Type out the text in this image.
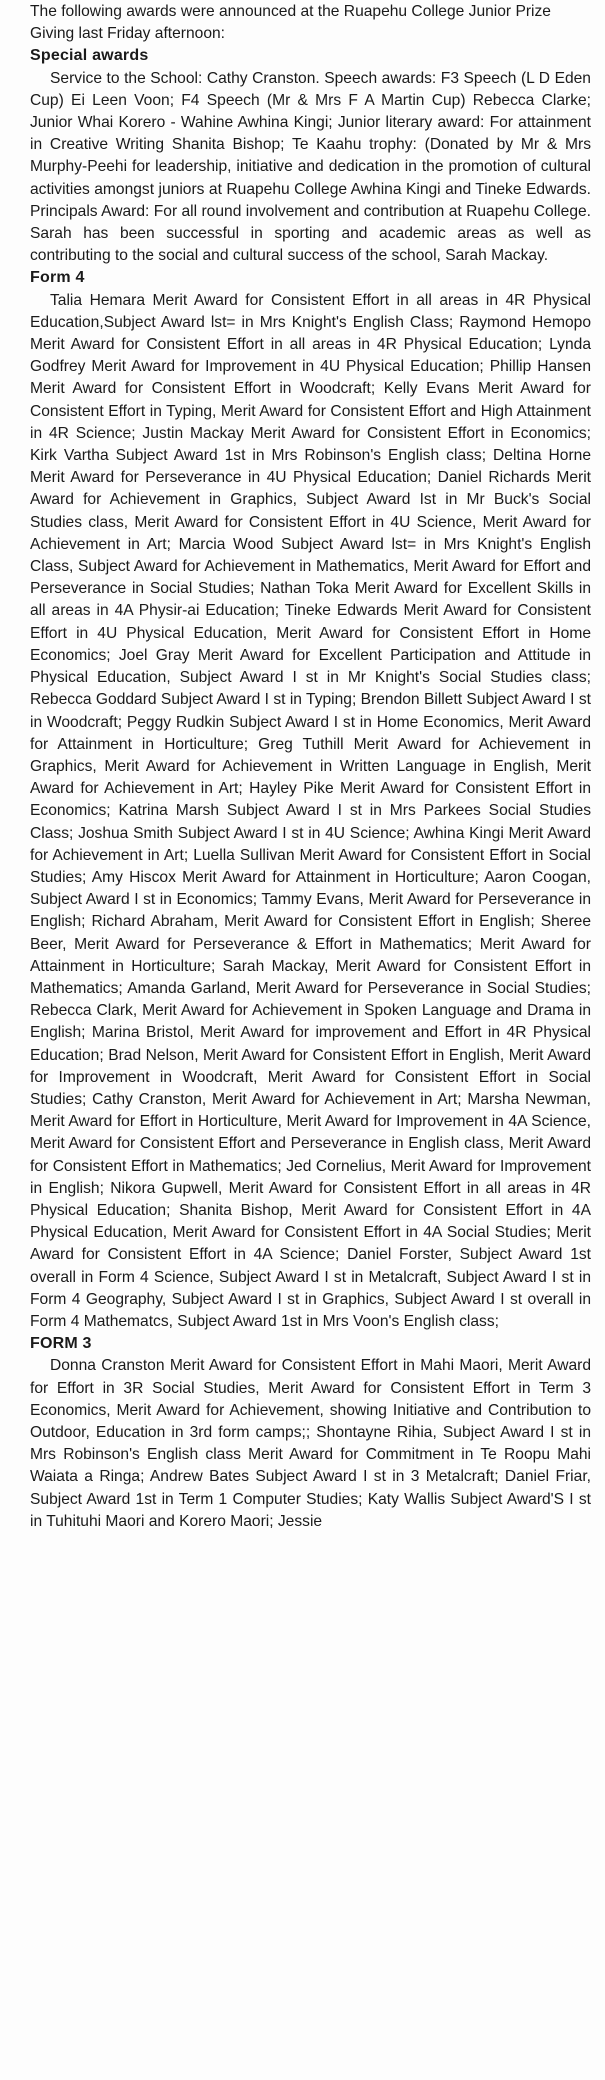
The following awards were announced at the Ruapehu College Junior Prize Giving last Friday afternoon:

Special awards

Service to the School: Cathy Cranston. Speech awards: F3 Speech (L D Eden Cup) Ei Leen Voon; F4 Speech (Mr & Mrs F A Martin Cup) Rebecca Clarke; Junior Whai Korero - Wahine Awhina Kingi; Junior literary award: For attainment in Creative Writing Shanita Bishop; Te Kaahu trophy: (Donated by Mr & Mrs Murphy-Peehi for leadership, initiative and dedication in the promotion of cultural activities amongst juniors at Ruapehu College Awhina Kingi and Tineke Edwards. Principals Award: For all round involvement and contribution at Ruapehu College. Sarah has been successful in sporting and academic areas as well as contributing to the social and cultural success of the school, Sarah Mackay.

Form 4

Talia Hemara Merit Award for Consistent Effort in all areas in 4R Physical Education,Subject Award lst= in Mrs Knight's English Class; Raymond Hemopo Merit Award for Consistent Effort in all areas in 4R Physical Education; Lynda Godfrey Merit Award for Improvement in 4U Physical Education; Phillip Hansen Merit Award for Consistent Effort in Woodcraft; Kelly Evans Merit Award for Consistent Effort in Typing, Merit Award for Consistent Effort and High Attainment in 4R Science; Justin Mackay Merit Award for Consistent Effort in Economics; Kirk Vartha Subject Award 1st in Mrs Robinson's English class; Deltina Horne Merit Award for Perseverance in 4U Physical Education; Daniel Richards Merit Award for Achievement in Graphics, Subject Award Ist in Mr Buck's Social Studies class, Merit Award for Consistent Effort in 4U Science, Merit Award for Achievement in Art; Marcia Wood Subject Award lst= in Mrs Knight's English Class, Subject Award for Achievement in Mathematics, Merit Award for Effort and Perseverance in Social Studies; Nathan Toka Merit Award for Excellent Skills in all areas in 4A Physir-ai Education; Tineke Edwards Merit Award for Consistent Effort in 4U Physical Education, Merit Award for Consistent Effort in Home Economics; Joel Gray Merit Award for Excellent Participation and Attitude in Physical Education, Subject Award I st in Mr Knight's Social Studies class; Rebecca Goddard Subject Award I st in Typing; Brendon Billett Subject Award I st in Woodcraft; Peggy Rudkin Subject Award I st in Home Economics, Merit Award for Attainment in Horticulture; Greg Tuthill Merit Award for Achievement in Graphics, Merit Award for Achievement in Written Language in English, Merit Award for Achievement in Art; Hayley Pike Merit Award for Consistent Effort in Economics; Katrina Marsh Subject Award I st in Mrs Parkees Social Studies Class; Joshua Smith Subject Award I st in 4U Science; Awhina Kingi Merit Award for Achievement in Art; Luella Sullivan Merit Award for Consistent Effort in Social Studies; Amy Hiscox Merit Award for Attainment in Horticulture; Aaron Coogan, Subject Award I st in Economics; Tammy Evans, Merit Award for Perseverance in English; Richard Abraham, Merit Award for Consistent Effort in English; Sheree Beer, Merit Award for Perseverance & Effort in Mathematics; Merit Award for Attainment in Horticulture; Sarah Mackay, Merit Award for Consistent Effort in Mathematics; Amanda Garland, Merit Award for Perseverance in Social Studies; Rebecca Clark, Merit Award for Achievement in Spoken Language and Drama in English; Marina Bristol, Merit Award for improvement and Effort in 4R Physical Education; Brad Nelson, Merit Award for Consistent Effort in English, Merit Award for Improvement in Woodcraft, Merit Award for Consistent Effort in Social Studies; Cathy Cranston, Merit Award for Achievement in Art; Marsha Newman, Merit Award for Effort in Horticulture, Merit Award for Improvement in 4A Science, Merit Award for Consistent Effort and Perseverance in English class, Merit Award for Consistent Effort in Mathematics; Jed Cornelius, Merit Award for Improvement in English; Nikora Gupwell, Merit Award for Consistent Effort in all areas in 4R Physical Education; Shanita Bishop, Merit Award for Consistent Effort in 4A Physical Education, Merit Award for Consistent Effort in 4A Social Studies; Merit Award for Consistent Effort in 4A Science; Daniel Forster, Subject Award 1st overall in Form 4 Science, Subject Award I st in Metalcraft, Subject Award I st in Form 4 Geography, Subject Award I st in Graphics, Subject Award I st overall in Form 4 Mathematcs, Subject Award 1st in Mrs Voon's English class;

FORM 3

Donna Cranston Merit Award for Consistent Effort in Mahi Maori, Merit Award for Effort in 3R Social Studies, Merit Award for Consistent Effort in Term 3 Economics, Merit Award for Achievement, showing Initiative and Contribution to Outdoor, Education in 3rd form camps;; Shontayne Rihia, Subject Award I st in Mrs Robinson's English class Merit Award for Commitment in Te Roopu Mahi Waiata a Ringa; Andrew Bates Subject Award I st in 3 Metalcraft; Daniel Friar, Subject Award 1st in Term 1 Computer Studies; Katy Wallis Subject Award'S I st in Tuhituhi Maori and Korero Maori; Jessie
